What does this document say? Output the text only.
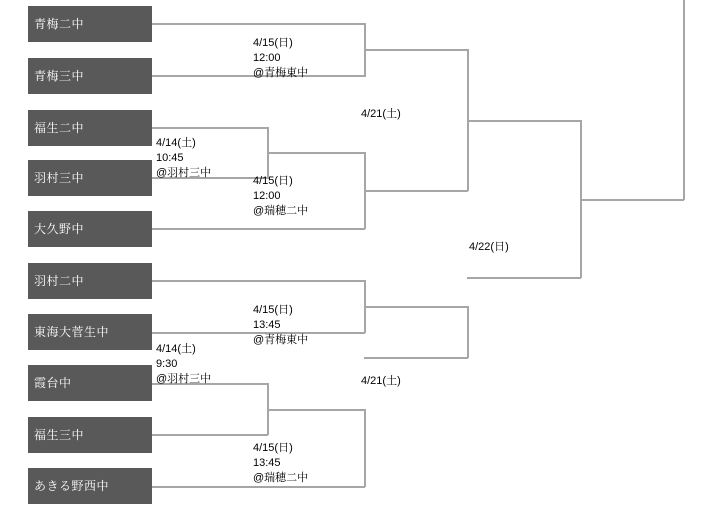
青梅二中
青梅三中
福生二中
羽村三中
大久野中
羽村二中
東海大菅生中
霞台中
福生三中
あきる野西中
4/15(日)
12:00
@青梅東中
4/14(土)
10:45
@羽村三中
4/15(日)
12:00
@瑞穂二中
4/15(日)
13:45
@青梅東中
4/14(土)
9:30
@羽村三中
4/15(日)
13:45
@瑞穂二中
4/21(土)
4/22(日)
4/21(土)
